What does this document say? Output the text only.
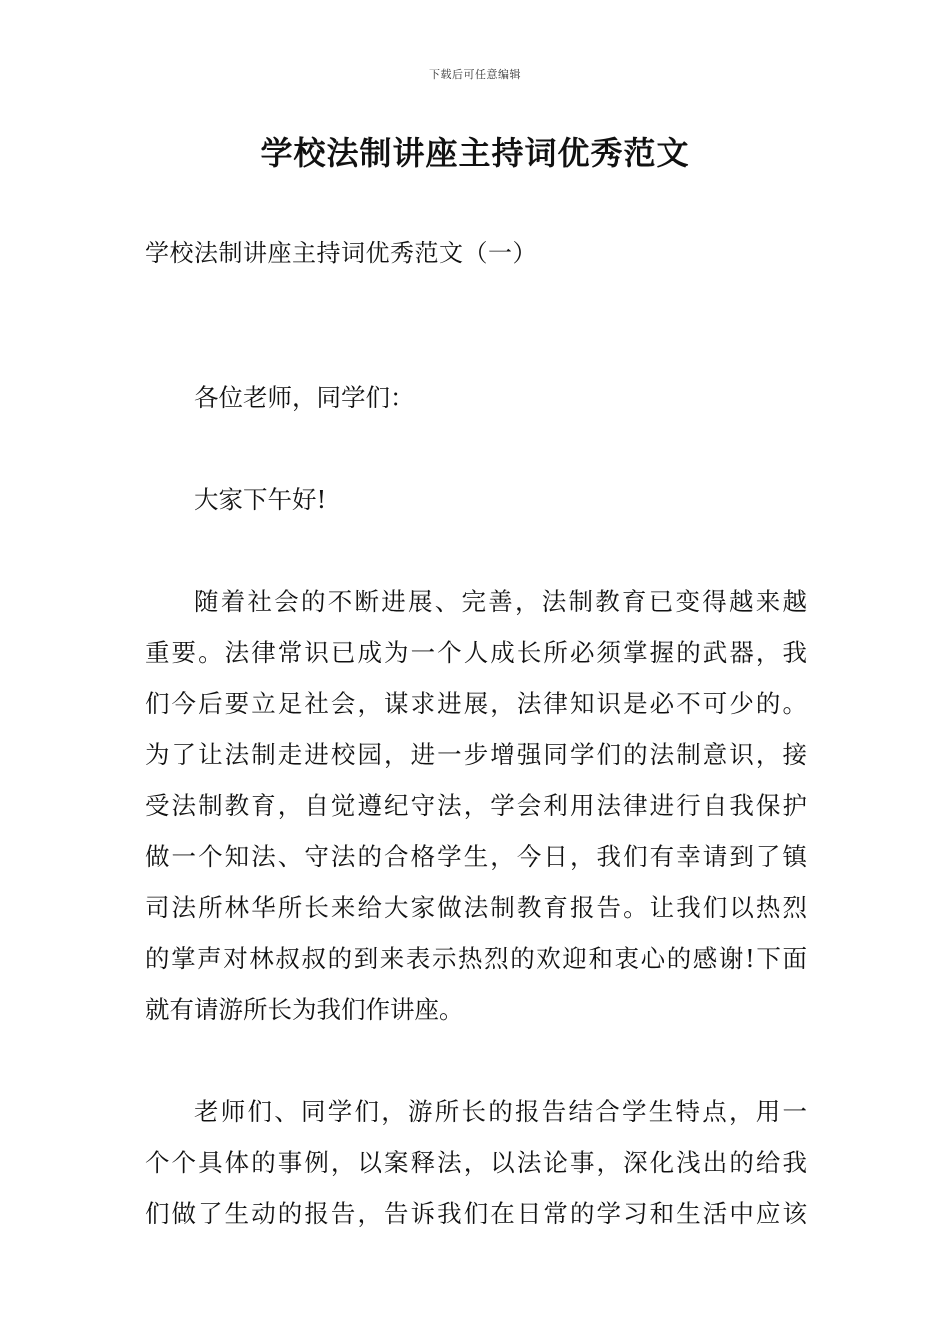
下载后可任意编辑
学校法制讲座主持词优秀范文
学校法制讲座主持词优秀范文（一）

各位老师，同学们：

大家下午好!

随着社会的不断进展、完善，法制教育已变得越来越
重要。法律常识已成为一个人成长所必须掌握的武器，我
们今后要立足社会，谋求进展，法律知识是必不可少的。
为了让法制走进校园，进一步增强同学们的法制意识，接
受法制教育，自觉遵纪守法，学会利用法律进行自我保护
做一个知法、守法的合格学生，今日，我们有幸请到了镇
司法所林华所长来给大家做法制教育报告。让我们以热烈
的掌声对林叔叔的到来表示热烈的欢迎和衷心的感谢!下面
就有请游所长为我们作讲座。
老师们、同学们，游所长的报告结合学生特点，用一
个个具体的事例，以案释法，以法论事，深化浅出的给我
们做了生动的报告，告诉我们在日常的学习和生活中应该
